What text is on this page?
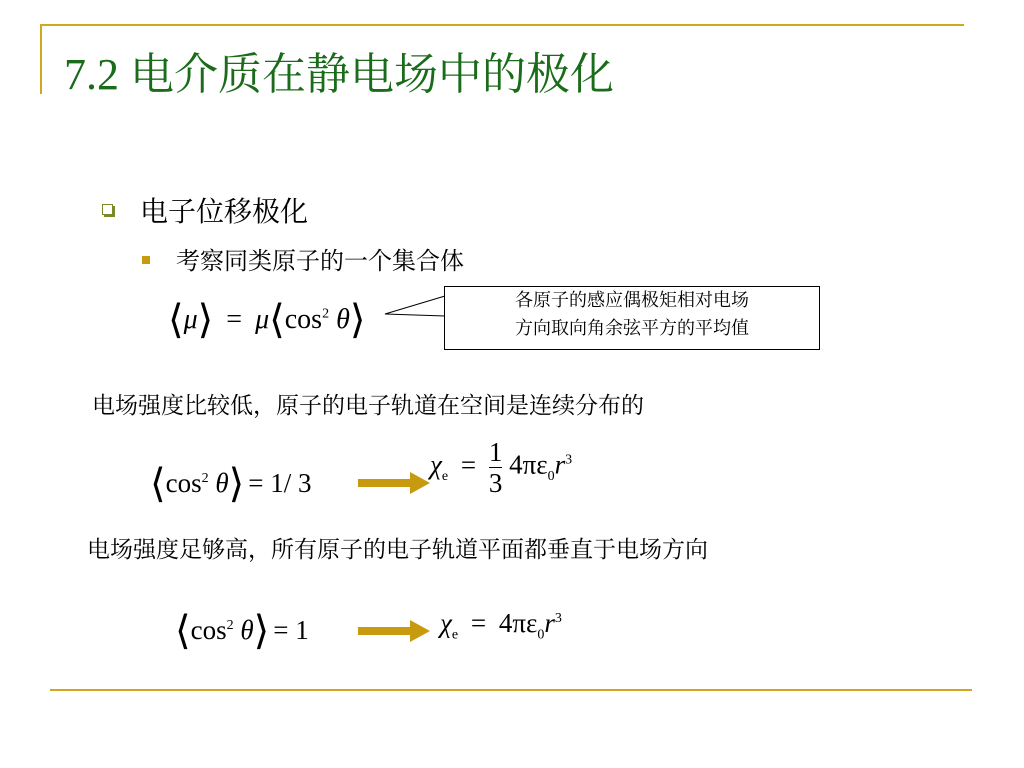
7.2 电介质在静电场中的极化
电子位移极化
考察同类原子的一个集合体
⟨μ⟩ = $\mu⟨\cos^2$ θ⟩	各原子的感应偶极矩相对电场
方向取向角余弦平方的平均值
电场强度比较低，原子的电子轨道在空间是连续分布的
$⟨\cos^2$ θ⟩ = 1/ 3
$\chi_e = \frac{1}{3} 4\pi\varepsilon_0r^3$
电场强度足够高，所有原子的电子轨道平面都垂直于电场方向
$⟨\cos^2$ θ⟩ = 1	$\chi_e = 4\pi\varepsilon_0r^3$
